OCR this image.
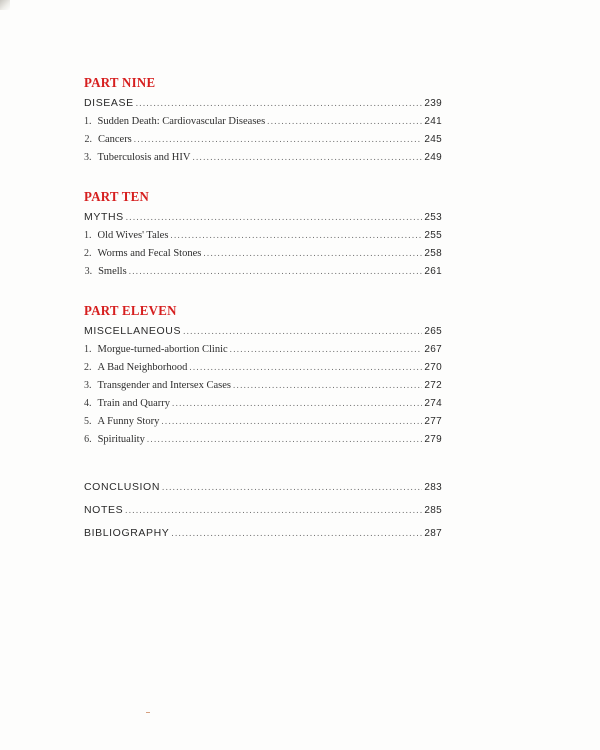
PART NINE
DISEASE .....	239
1. Sudden Death: Cardiovascular Diseases .....	241
2. Cancers .....	245
3. Tuberculosis and HIV .....	249
PART TEN
MYTHS .....	253
1. Old Wives' Tales .....	255
2. Worms and Fecal Stones .....	258
3. Smells .....	261
PART ELEVEN
MISCELLANEOUS .....	265
1. Morgue-turned-abortion Clinic .....	267
2. A Bad Neighborhood .....	270
3. Transgender and Intersex Cases .....	272
4. Train and Quarry .....	274
5. A Funny Story .....	277
6. Spirituality .....	279
CONCLUSION .....	283
NOTES .....	285
BIBLIOGRAPHY .....	287
